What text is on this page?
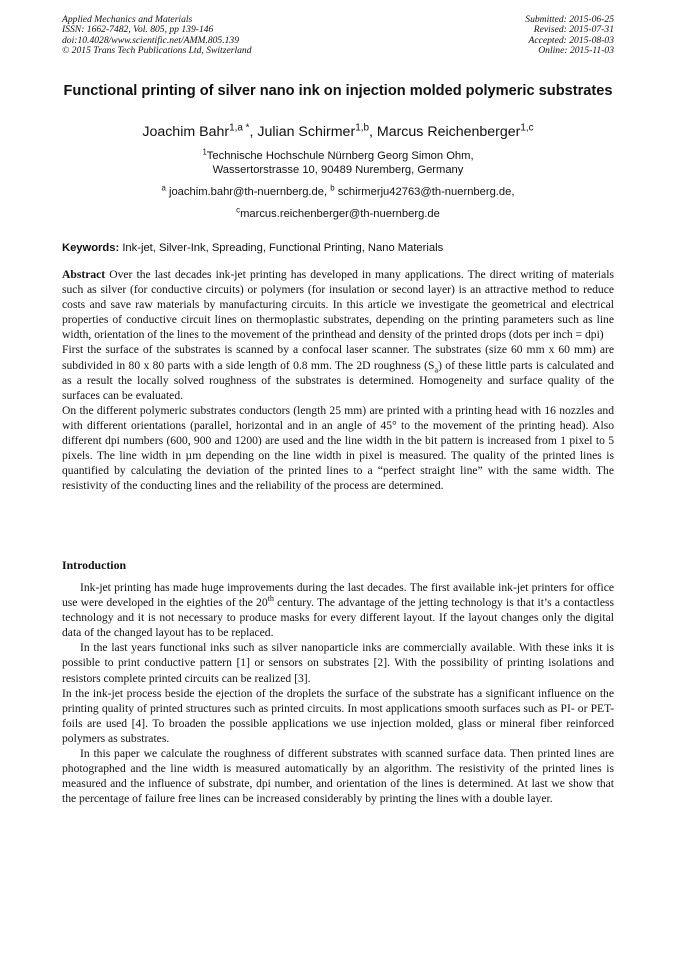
Applied Mechanics and Materials
ISSN: 1662-7482, Vol. 805, pp 139-146
doi:10.4028/www.scientific.net/AMM.805.139
© 2015 Trans Tech Publications Ltd, Switzerland
Submitted: 2015-06-25
Revised: 2015-07-31
Accepted: 2015-08-03
Online: 2015-11-03
Functional printing of silver nano ink on injection molded polymeric substrates
Joachim Bahr$^{1,a *}$, Julian Schirmer$^{1,b}$, Marcus Reichenberger$^{1,c}$
$^1$Technische Hochschule Nürnberg Georg Simon Ohm,
Wassertorstrasse 10, 90489 Nuremberg, Germany
$^a$ joachim.bahr@th-nuernberg.de, $^b$ schirmerju42763@th-nuernberg.de,
$^c$marcus.reichenberger@th-nuernberg.de
Keywords: Ink-jet, Silver-Ink, Spreading, Functional Printing, Nano Materials

Abstract Over the last decades ink-jet printing has developed in many applications. The direct writing of materials such as silver (for conductive circuits) or polymers (for insulation or second layer) is an attractive method to reduce costs and save raw materials by manufacturing circuits. In this article we investigate the geometrical and electrical properties of conductive circuit lines on thermoplastic substrates, depending on the printing parameters such as line width, orientation of the lines to the movement of the printhead and density of the printed drops (dots per inch = dpi)

First the surface of the substrates is scanned by a confocal laser scanner. The substrates (size 60 mm x 60 mm) are subdivided in 80 x 80 parts with a side length of 0.8 mm. The 2D roughness $(S_a)$ of these little parts is calculated and as a result the locally solved roughness of the substrates is determined. Homogeneity and surface quality of the surfaces can be evaluated.

On the different polymeric substrates conductors (length 25 mm) are printed with a printing head with 16 nozzles and with different orientations (parallel, horizontal and in an angle of 45° to the movement of the printing head). Also different dpi numbers (600, 900 and 1200) are used and the line width in the bit pattern is increased from 1 pixel to 5 pixels. The line width in µm depending on the line width in pixel is measured. The quality of the printed lines is quantified by calculating the deviation of the printed lines to a “perfect straight line” with the same width. The resistivity of the conducting lines and the reliability of the process are determined.

Introduction

Ink-jet printing has made huge improvements during the last decades. The first available ink-jet printers for office use were developed in the eighties of the 20th century. The advantage of the jetting technology is that it’s a contactless technology and it is not necessary to produce masks for every different layout. If the layout changes only the digital data of the changed layout has to be replaced.

In the last years functional inks such as silver nanoparticle inks are commercially available. With these inks it is possible to print conductive pattern [1] or sensors on substrates [2]. With the possibility of printing isolations and resistors complete printed circuits can be realized [3].

In the ink-jet process beside the ejection of the droplets the surface of the substrate has a significant influence on the printing quality of printed structures such as printed circuits. In most applications smooth surfaces such as PI- or PET-foils are used [4]. To broaden the possible applications we use injection molded, glass or mineral fiber reinforced polymers as substrates.

In this paper we calculate the roughness of different substrates with scanned surface data. Then printed lines are photographed and the line width is measured automatically by an algorithm. The resistivity of the printed lines is measured and the influence of substrate, dpi number, and orientation of the lines is determined. At last we show that the percentage of failure free lines can be increased considerably by printing the lines with a double layer.
